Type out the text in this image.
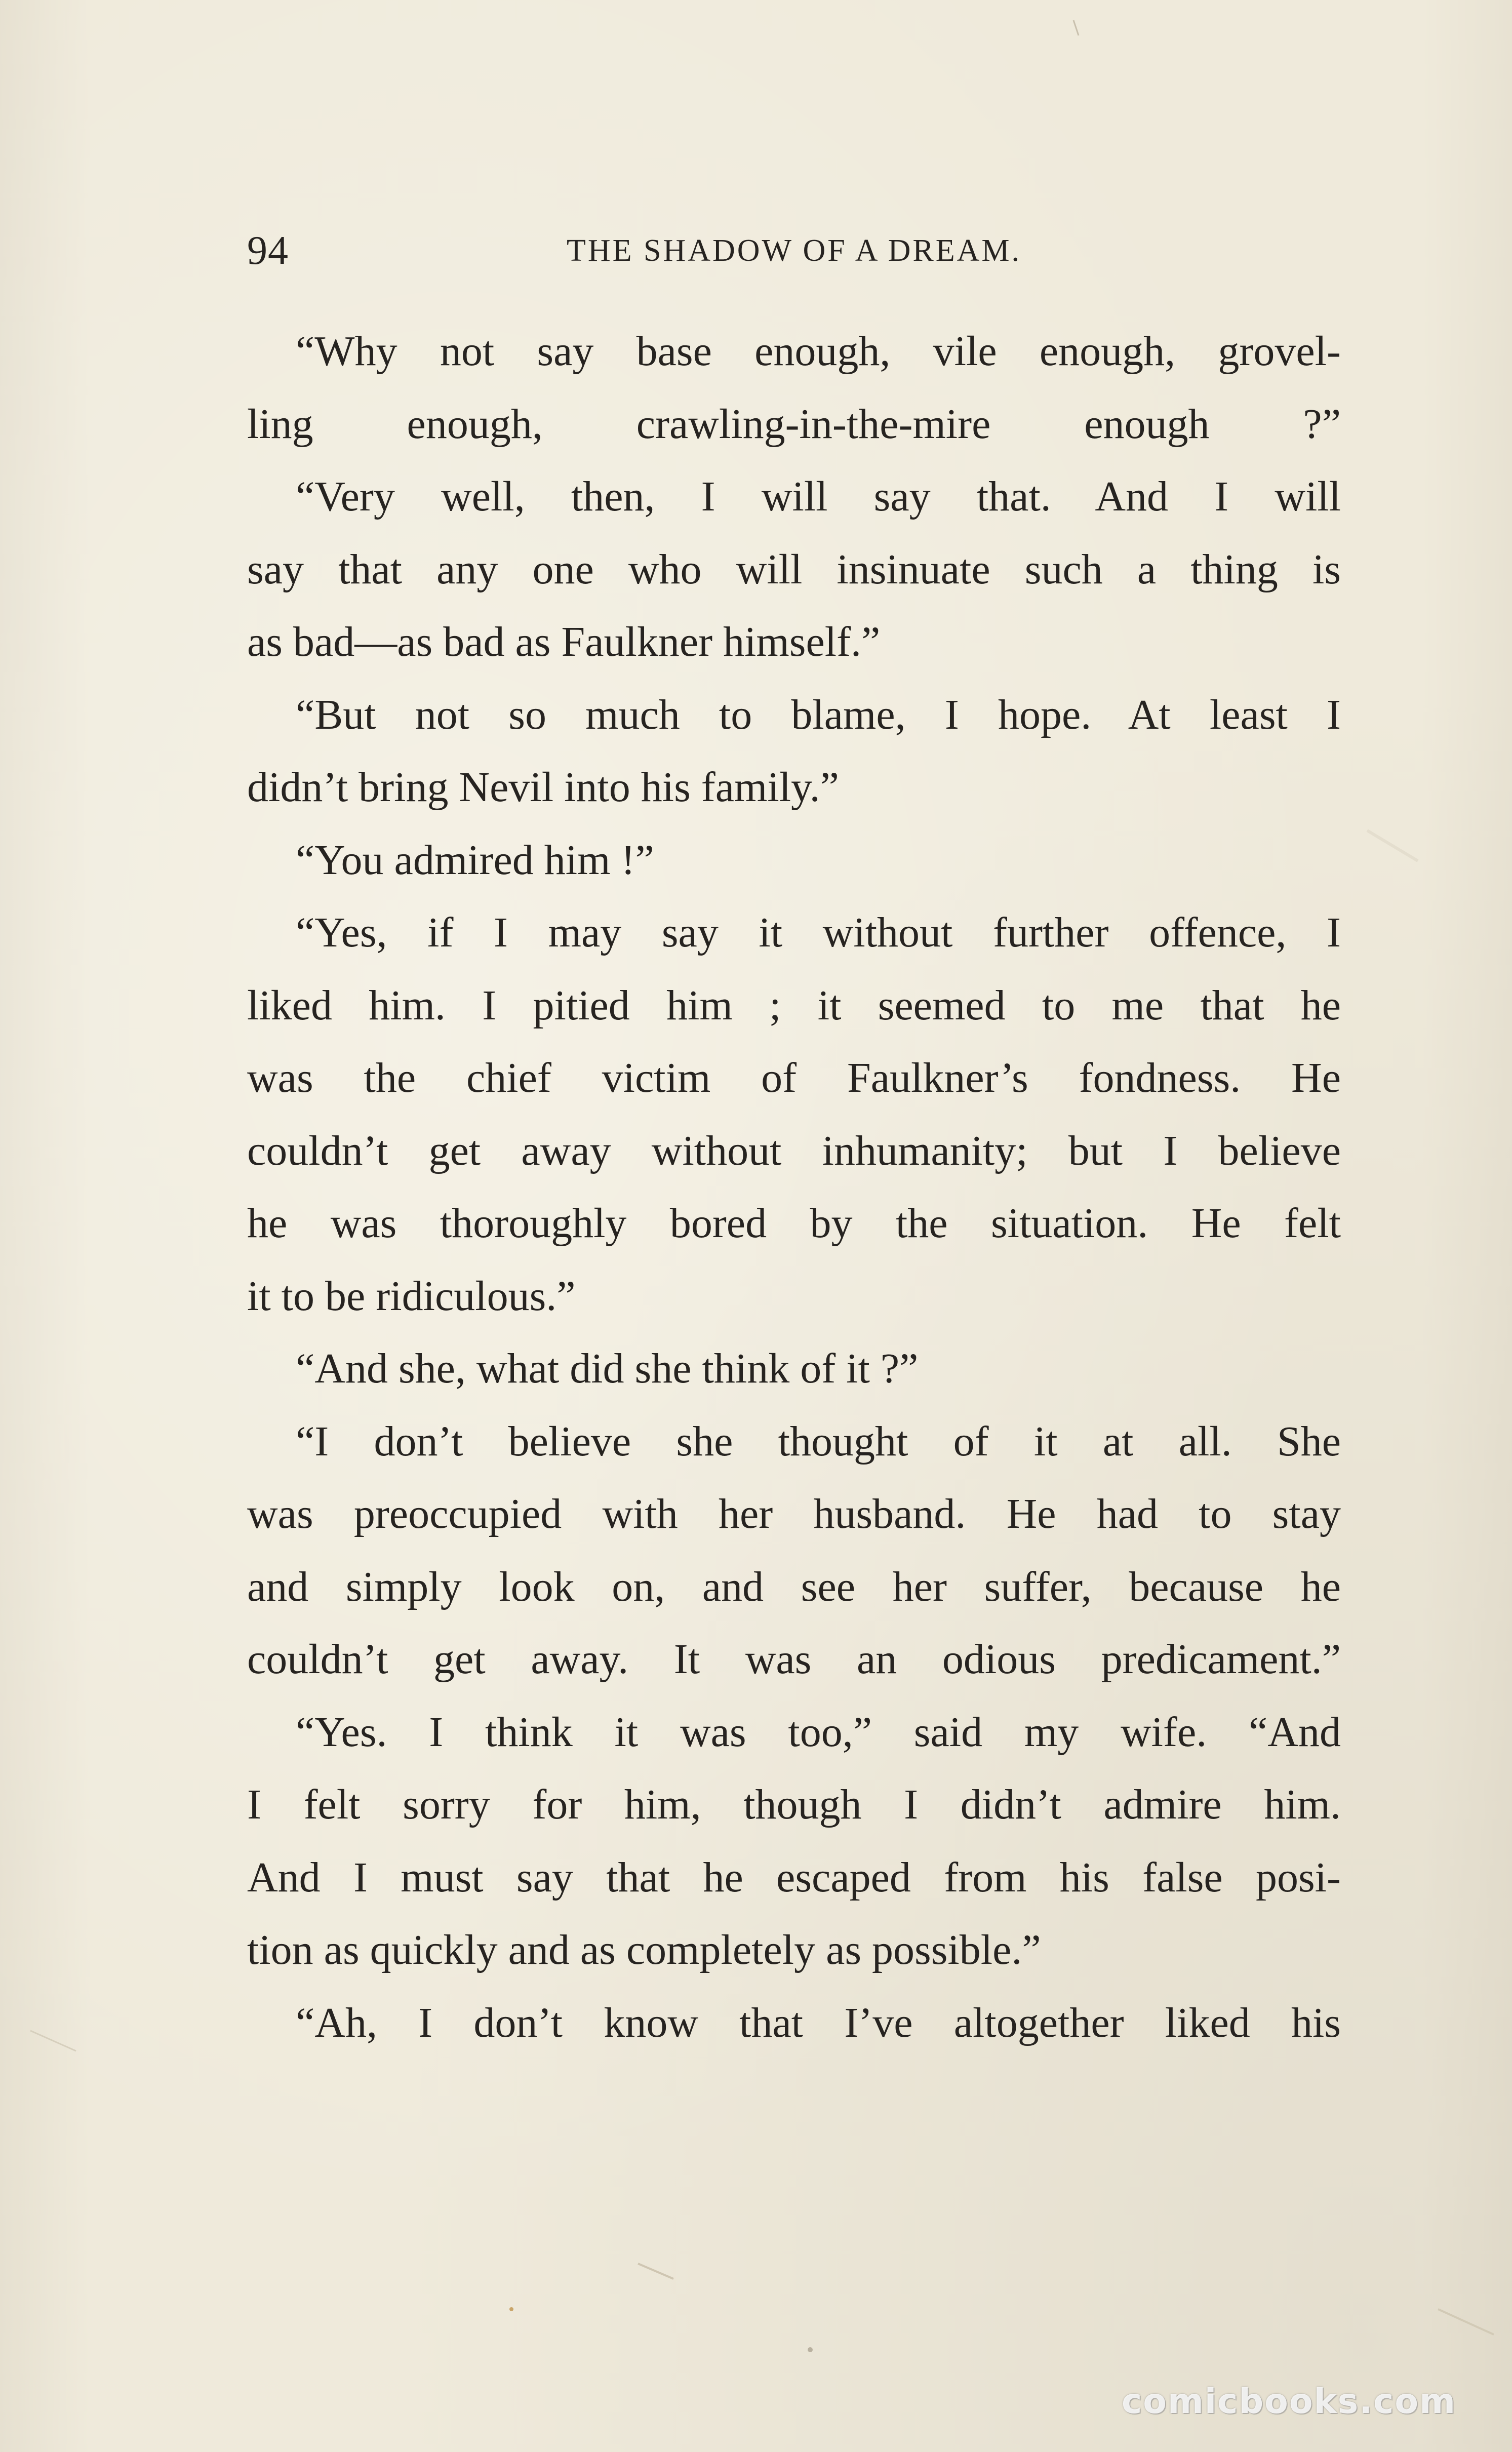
94	THE SHADOW OF A DREAM.
“Why not say base enough, vile enough, grovel-
ling enough, crawling-in-the-mire enough ?”
“Very well, then, I will say that. And I will
say that any one who will insinuate such a thing is
as bad—as bad as Faulkner himself.”
“But not so much to blame, I hope. At least I
didn’t bring Nevil into his family.”
“You admired him !”
“Yes, if I may say it without further offence, I
liked him. I pitied him ; it seemed to me that he
was the chief victim of Faulkner’s fondness. He
couldn’t get away without inhumanity; but I believe
he was thoroughly bored by the situation. He felt
it to be ridiculous.”
“And she, what did she think of it ?”
“I don’t believe she thought of it at all. She
was preoccupied with her husband. He had to stay
and simply look on, and see her suffer, because he
couldn’t get away. It was an odious predicament.”
“Yes. I think it was too,” said my wife. “And
I felt sorry for him, though I didn’t admire him.
And I must say that he escaped from his false posi-
tion as quickly and as completely as possible.”
“Ah, I don’t know that I’ve altogether liked his
comicbooks.com
